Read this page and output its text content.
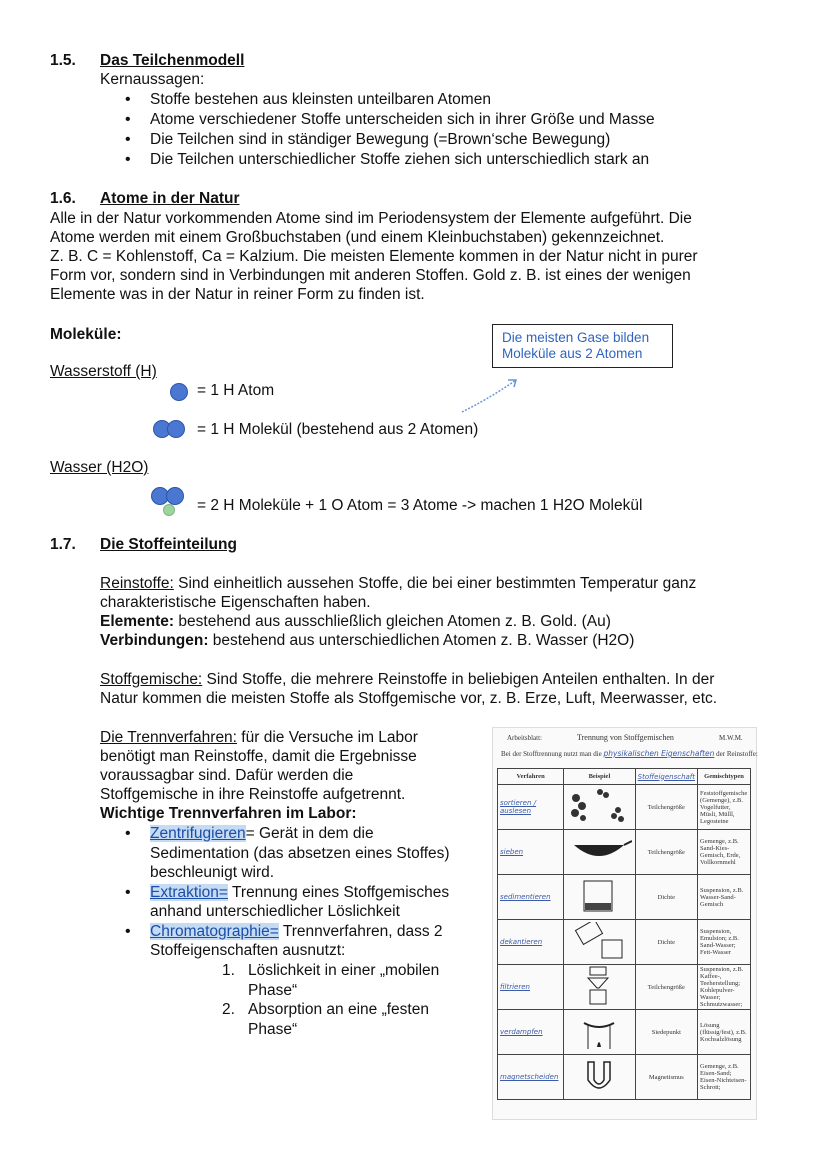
1.5. Das Teilchenmodell
Kernaussagen:
• Stoffe bestehen aus kleinsten unteilbaren Atomen
• Atome verschiedener Stoffe unterscheiden sich in ihrer Größe und Masse
• Die Teilchen sind in ständiger Bewegung (=Brown‘sche Bewegung)
• Die Teilchen unterschiedlicher Stoffe ziehen sich unterschiedlich stark an
1.6. Atome in der Natur
Alle in der Natur vorkommenden Atome sind im Periodensystem der Elemente aufgeführt. Die
Atome werden mit einem Großbuchstaben (und einem Kleinbuchstaben) gekennzeichnet.
Z. B. C = Kohlenstoff, Ca = Kalzium. Die meisten Elemente kommen in der Natur nicht in purer
Form vor, sondern sind in Verbindungen mit anderen Stoffen. Gold z. B. ist eines der wenigen
Elemente was in der Natur in reiner Form zu finden ist.
Moleküle:	Die meisten Gase bilden
Moleküle aus 2 Atomen
Wasserstoff (H)
= 1 H Atom
= 1 H Molekül (bestehend aus 2 Atomen)
Wasser (H2O)
= 2 H Moleküle + 1 O Atom = 3 Atome -> machen 1 H2O Molekül
1.7. Die Stoffeinteilung
Reinstoffe: Sind einheitlich aussehen Stoffe, die bei einer bestimmten Temperatur ganz
charakteristische Eigenschaften haben.
Elemente: bestehend aus ausschließlich gleichen Atomen z. B. Gold. (Au)
Verbindungen: bestehend aus unterschiedlichen Atomen z. B. Wasser (H2O)
Stoffgemische: Sind Stoffe, die mehrere Reinstoffe in beliebigen Anteilen enthalten. In der
Natur kommen die meisten Stoffe als Stoffgemische vor, z. B. Erze, Luft, Meerwasser, etc.
Die Trennverfahren: für die Versuche im Labor
benötigt man Reinstoffe, damit die Ergebnisse
voraussagbar sind. Dafür werden die
Stoffgemische in ihre Reinstoffe aufgetrennt.
Wichtige Trennverfahren im Labor:
• Zentrifugieren= Gerät in dem die
Sedimentation (das absetzen eines Stoffes)
beschleunigt wird.
• Extraktion= Trennung eines Stoffgemisches
anhand unterschiedlicher Löslichkeit
• Chromatographie= Trennverfahren, dass 2
Stoffeigenschaften ausnutzt:
1. Löslichkeit in einer „mobilen
Phase“
2. Absorption an eine „festen
Phase“
Arbeitsblatt:	Trennung von Stoffgemischen	M.W.M.
Bei der Stofftrennung nutzt man die physikalischen Eigenschaften der Reinstoffe:
Verfahren	Beispiel	Stoffeigenschaft	Gemischtypen
sortieren / auslesen		Teilchengröße	Feststoffgemische (Gemenge), z.B. Vogelfutter, Müsli, Mülll, Legosteine
sieben		Teilchengröße	Gemenge, z.B. Sand-Kies-Gemisch, Erde, Vollkornmehl
sedimentieren		Dichte	Suspension, z.B. Wasser-Sand-Gemisch
dekantieren		Dichte	Suspension, Emulsion; z.B. Sand-Wasser; Fett-Wasser
filtrieren		Teilchengröße	Suspension, z.B. Kaffee-, Teeherstellung; Kohlepulver-Wasser; Schmutzwasser;
verdampfen		Siedepunkt	Lösung (flüssig/fest), z.B. Kochsalzlösung
magnetscheiden		Magnetismus	Gemenge, z.B. Eisen-Sand; Eisen-Nichteisen-Schrott;
